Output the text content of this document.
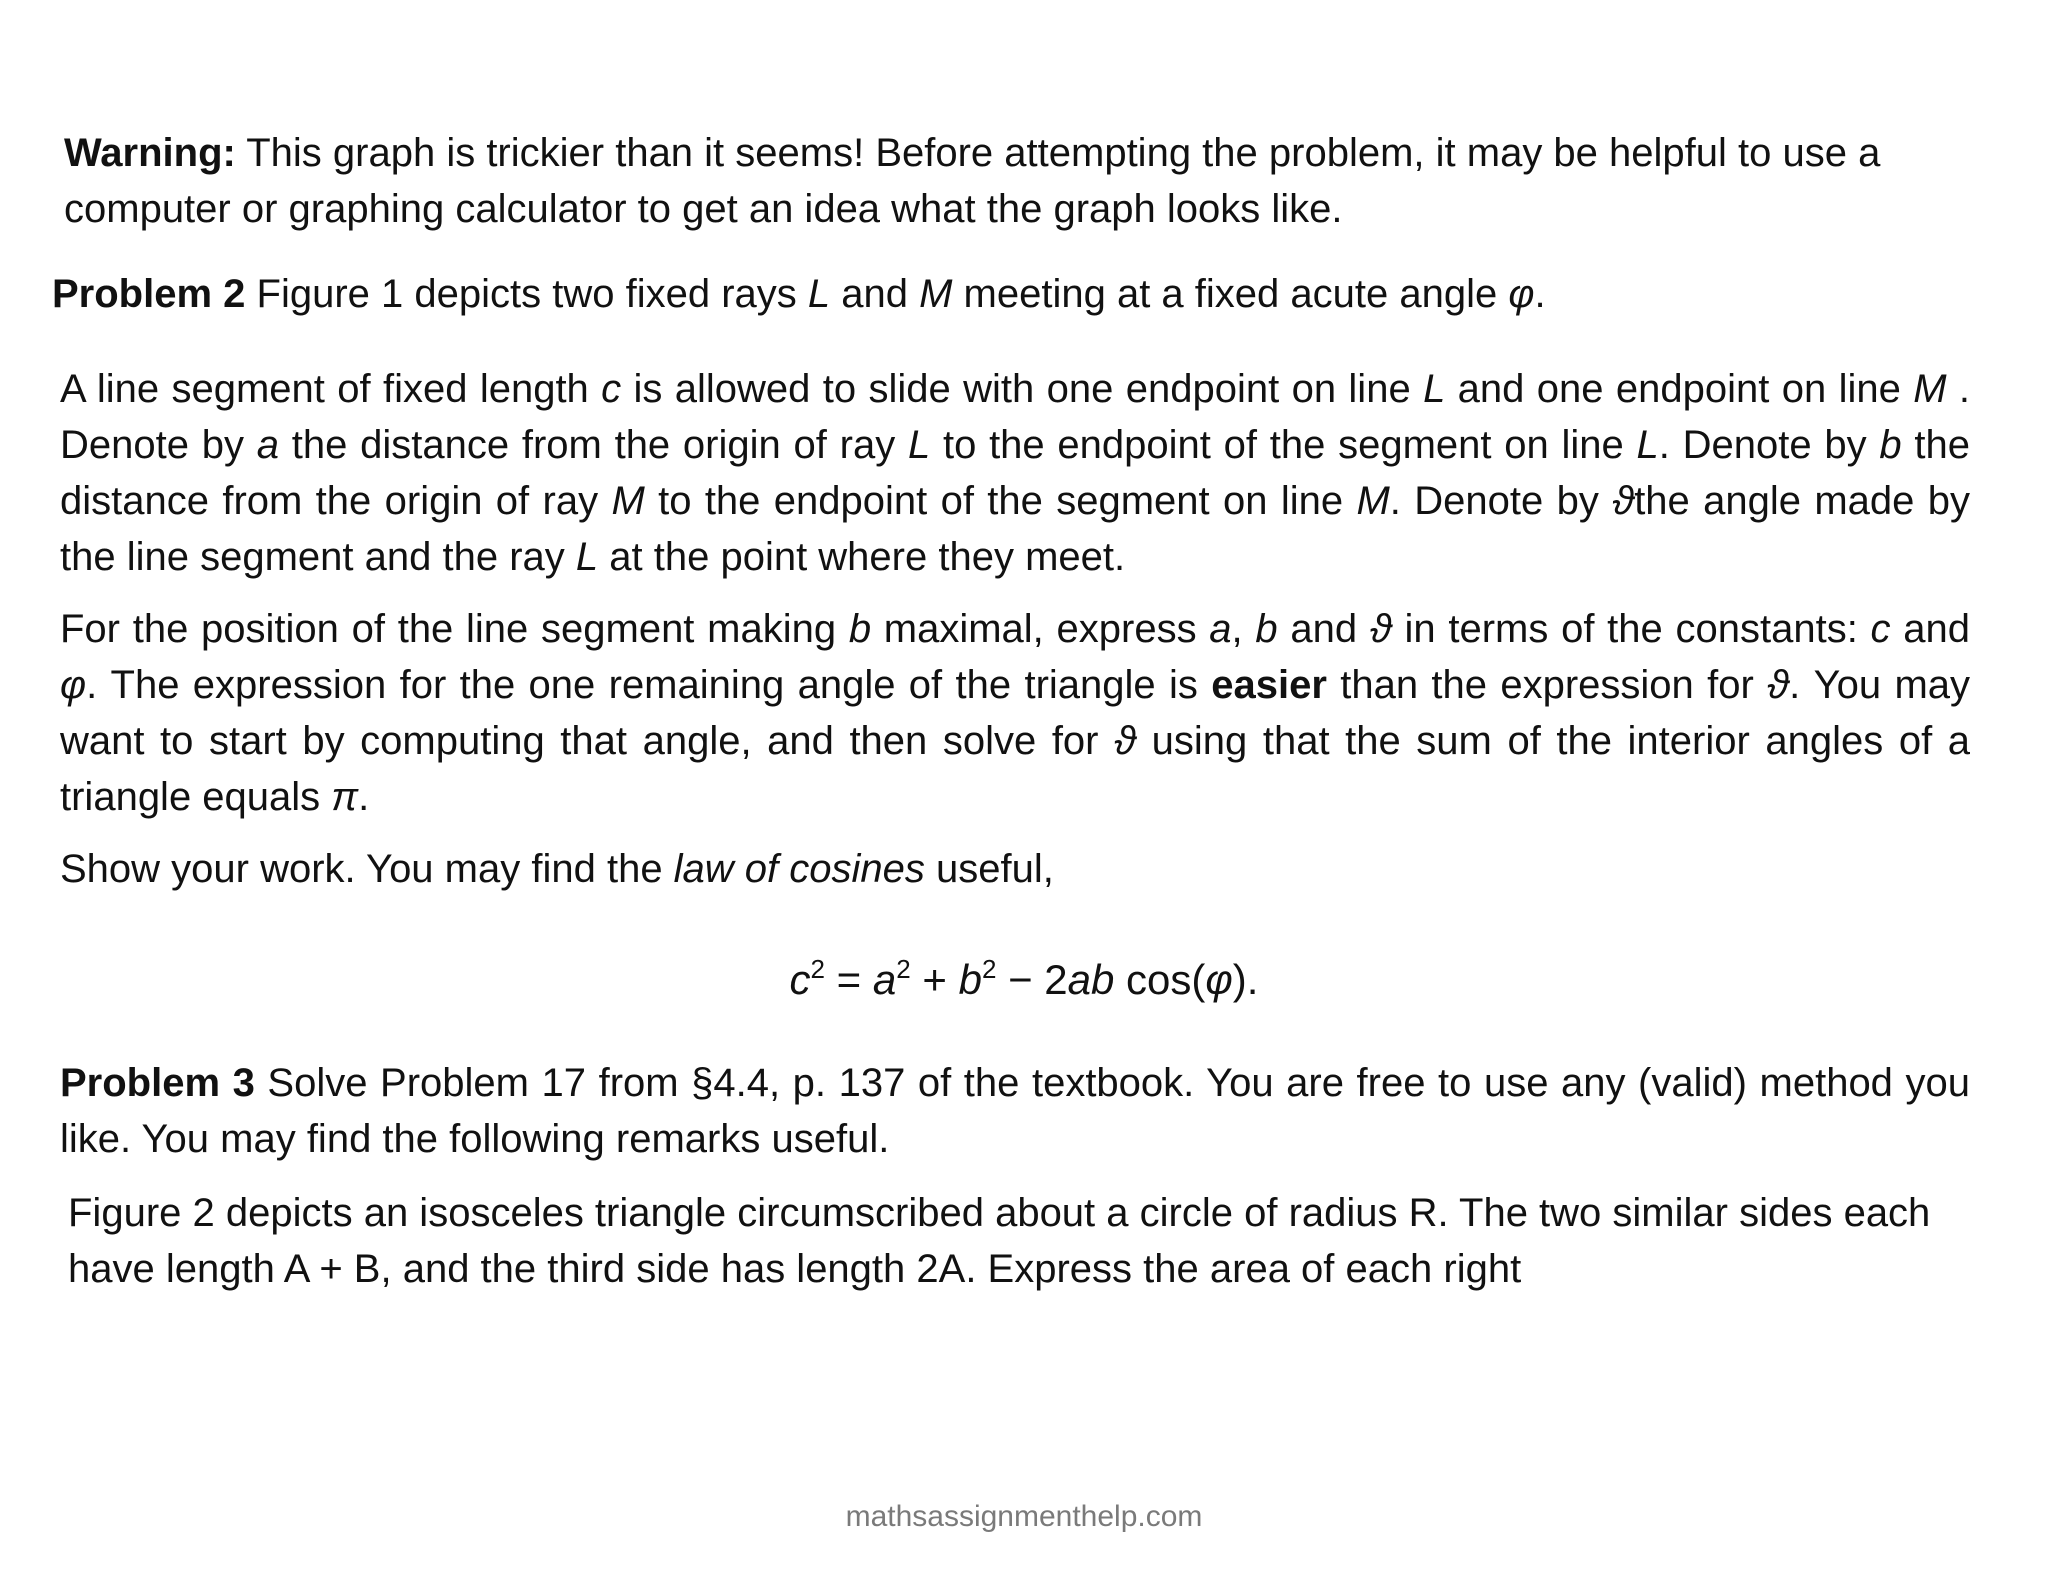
Warning: This graph is trickier than it seems! Before attempting the problem, it may be helpful to use a computer or graphing calculator to get an idea what the graph looks like.
Problem 2 Figure 1 depicts two fixed rays L and M meeting at a fixed acute angle φ.
A line segment of fixed length c is allowed to slide with one endpoint on line L and one endpoint on line M . Denote by a the distance from the origin of ray L to the endpoint of the segment on line L. Denote by b the distance from the origin of ray M to the endpoint of the segment on line M. Denote by ϑthe angle made by the line segment and the ray L at the point where they meet.
For the position of the line segment making b maximal, express a, b and ϑ in terms of the constants: c and φ. The expression for the one remaining angle of the triangle is easier than the expression for ϑ. You may want to start by computing that angle, and then solve for ϑ using that the sum of the interior angles of a triangle equals π.
Show your work. You may find the law of cosines useful,
$c^2 = a^2 + b^2 - 2ab$ cos(φ).
Problem 3 Solve Problem 17 from §4.4, p. 137 of the textbook. You are free to use any (valid) method you like. You may find the following remarks useful.
Figure 2 depicts an isosceles triangle circumscribed about a circle of radius R. The two similar sides each have length A + B, and the third side has length 2A. Express the area of each right
mathsassignmenthelp.com
